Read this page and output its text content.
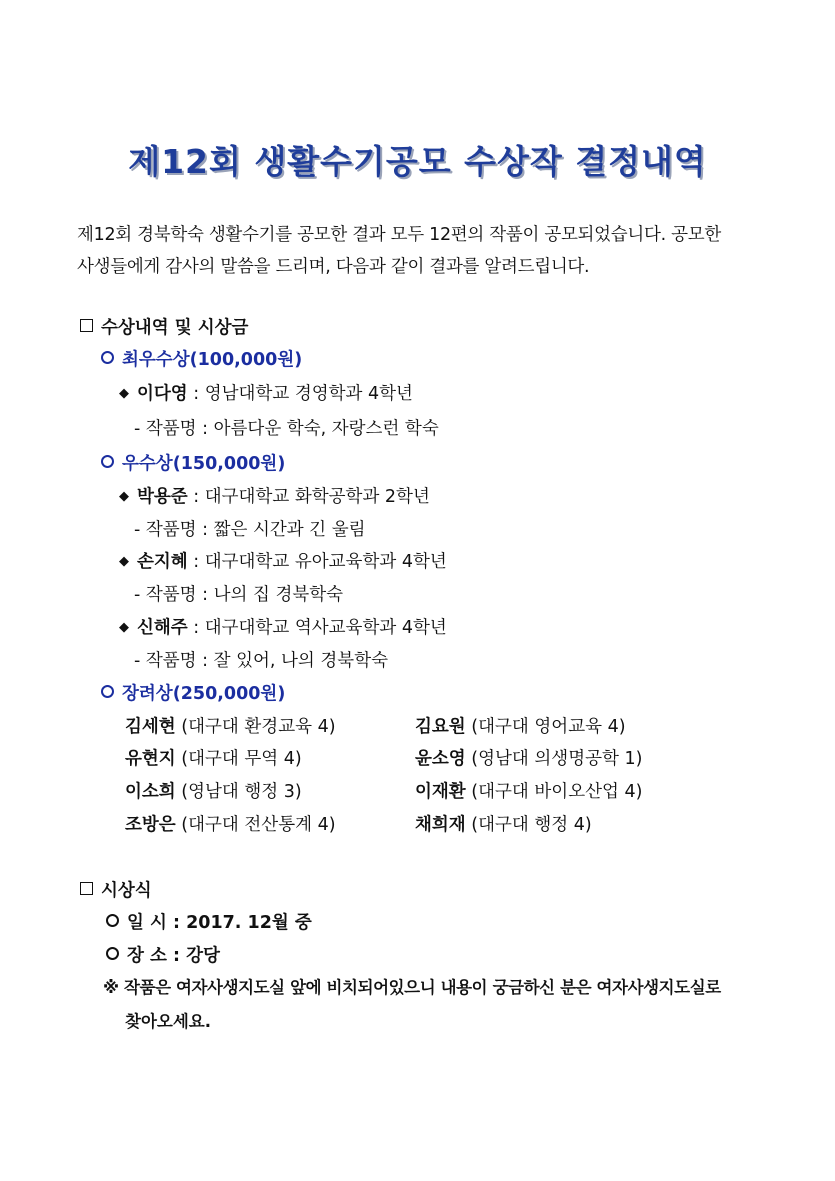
제12회 생활수기공모 수상작 결정내역
제12회 경북학숙 생활수기를 공모한 결과 모두 12편의 작품이 공모되었습니다. 공모한
사생들에게 감사의 말씀을 드리며, 다음과 같이 결과를 알려드립니다.
수상내역 및 시상금
최우수상(100,000원)
◆ 이다영 : 영남대학교 경영학과 4학년
- 작품명 : 아름다운 학숙, 자랑스런 학숙
우수상(150,000원)
◆ 박용준 : 대구대학교 화학공학과 2학년
- 작품명 : 짧은 시간과 긴 울림
◆ 손지혜 : 대구대학교 유아교육학과 4학년
- 작품명 : 나의 집 경북학숙
◆ 신해주 : 대구대학교 역사교육학과 4학년
- 작품명 : 잘 있어, 나의 경북학숙
장려상(250,000원)
김세현 (대구대 환경교육 4)	김요원 (대구대 영어교육 4)
유현지 (대구대 무역 4)	윤소영 (영남대 의생명공학 1)
이소희 (영남대 행정 3)	이재환 (대구대 바이오산업 4)
조방은 (대구대 전산통계 4)	채희재 (대구대 행정 4)
시상식
일 시 : 2017. 12월 중
장 소 : 강당
※ 작품은 여자사생지도실 앞에 비치되어있으니 내용이 궁금하신 분은 여자사생지도실로
찾아오세요.
